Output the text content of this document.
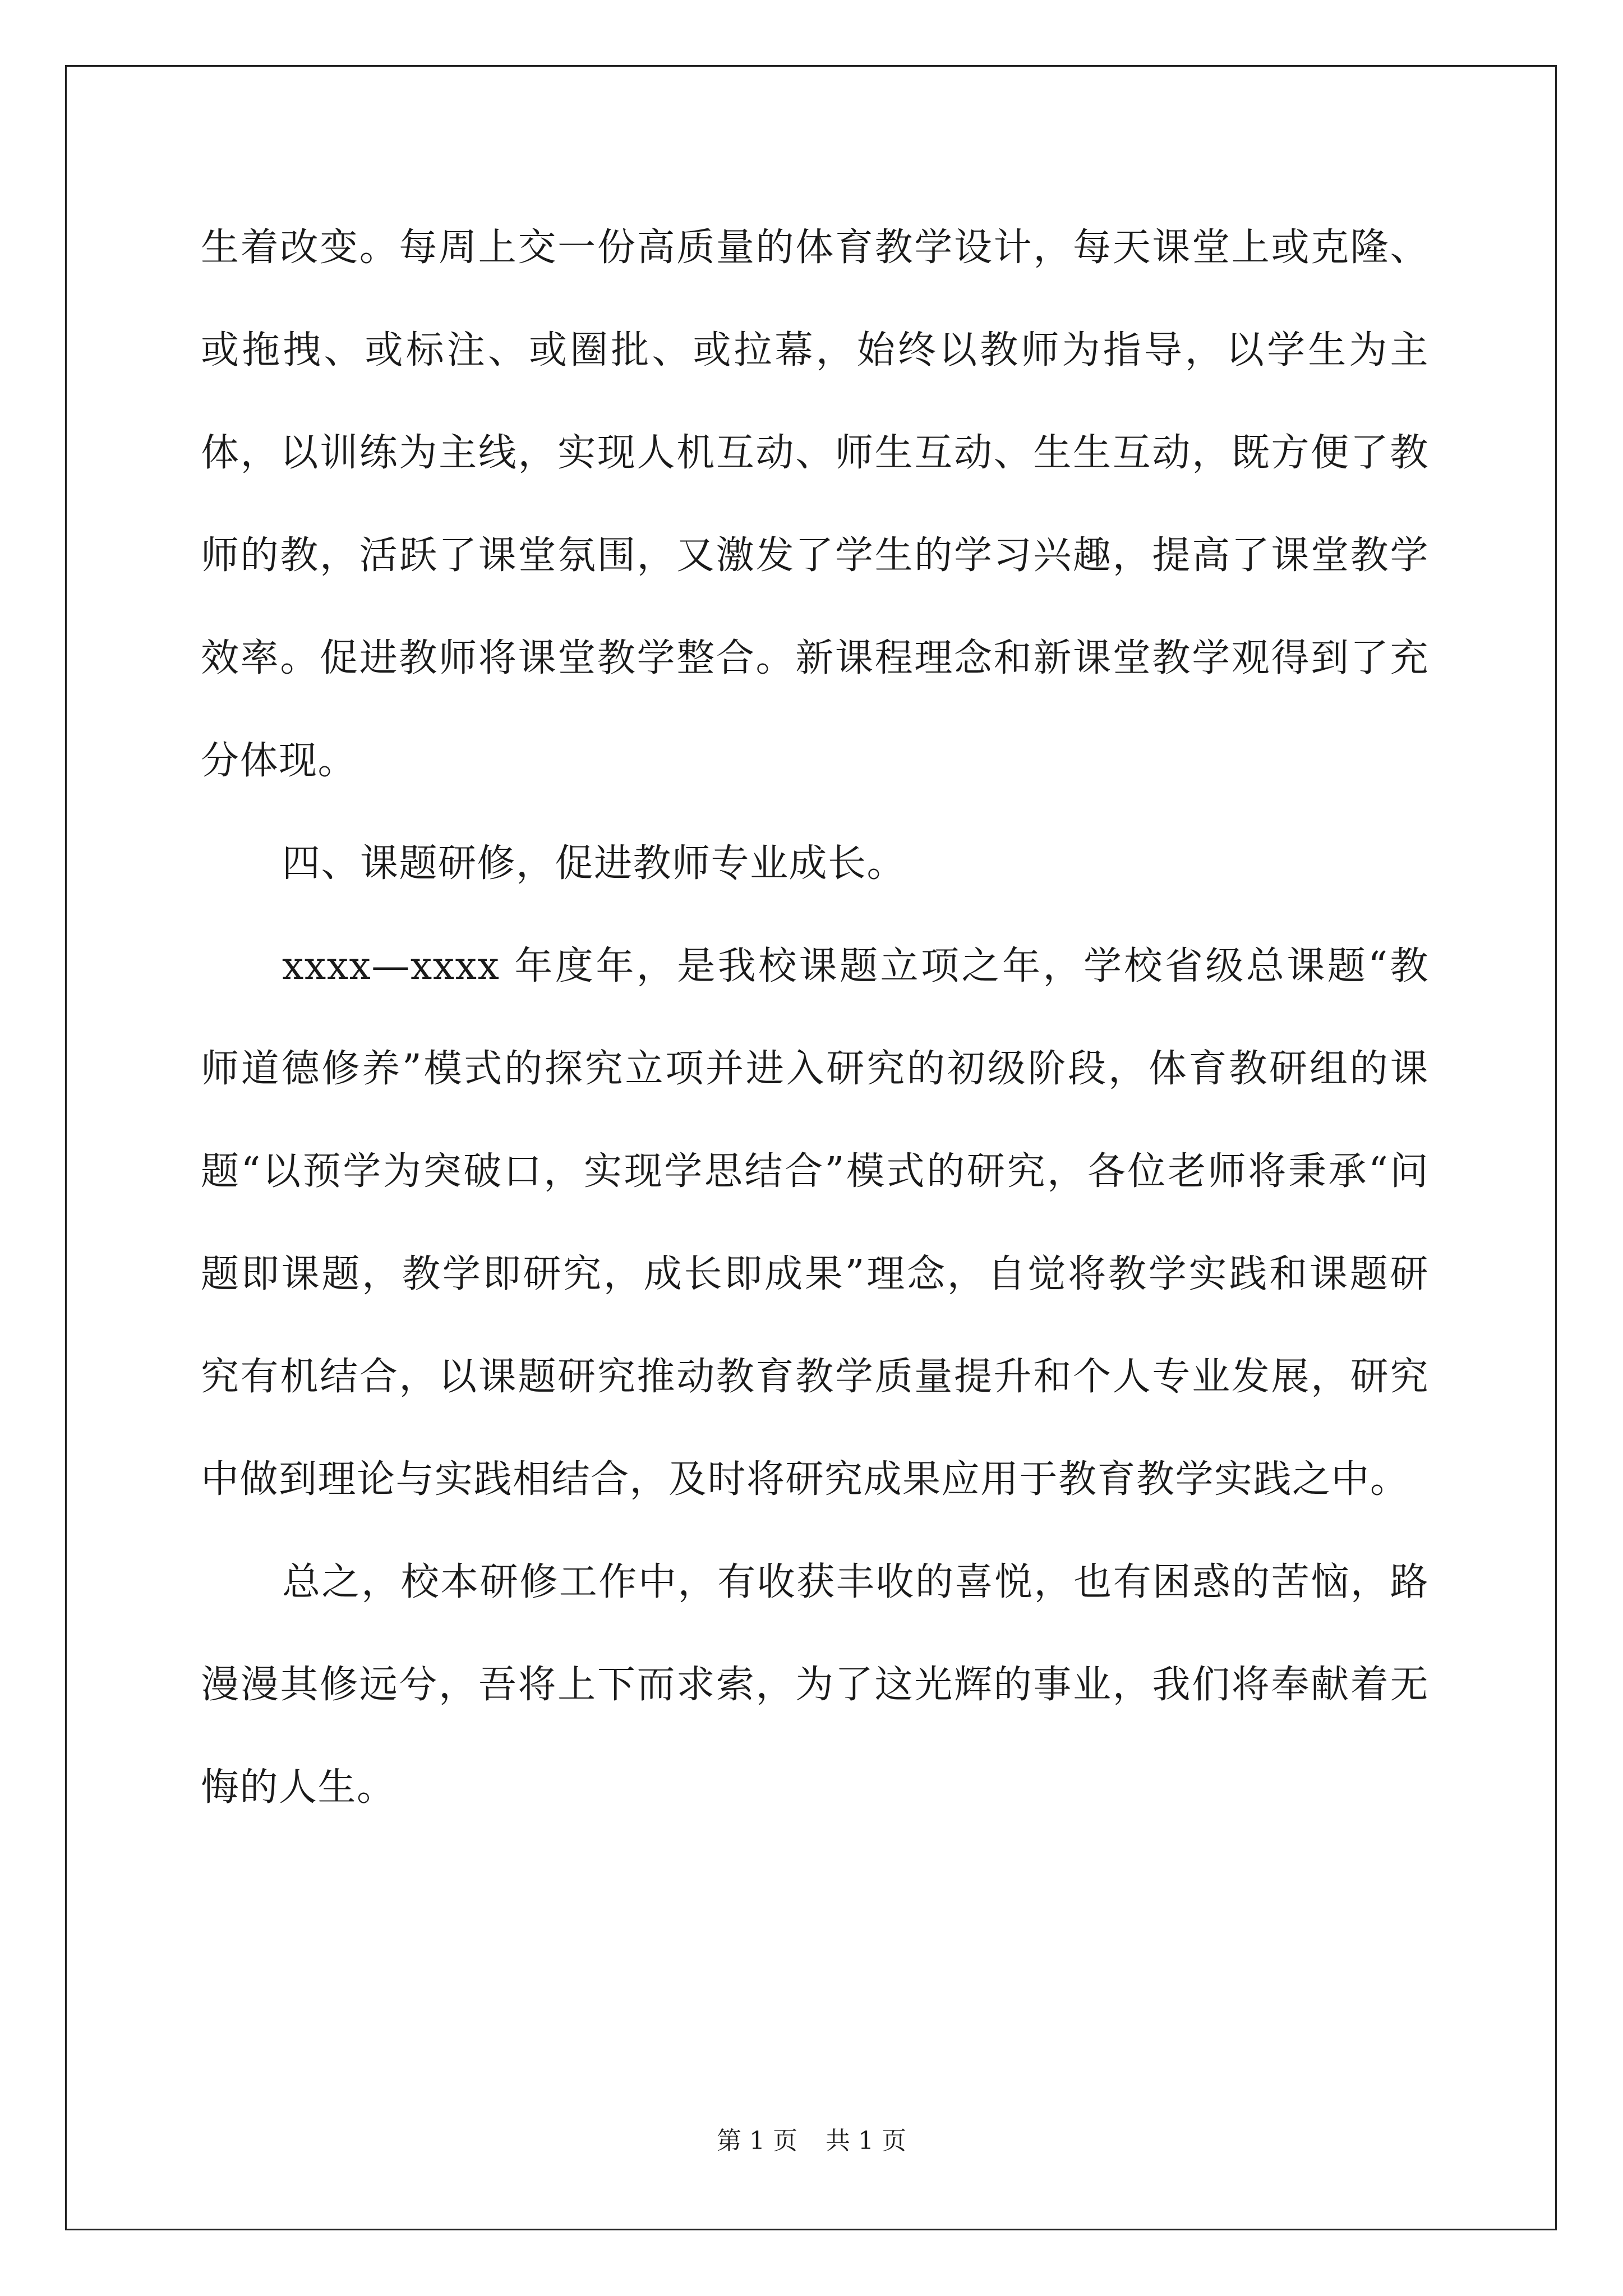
生着改变。每周上交一份高质量的体育教学设计，每天课堂上或克隆、或拖拽、或标注、或圈批、或拉幕，始终以教师为指导，以学生为主体，以训练为主线，实现人机互动、师生互动、生生互动，既方便了教师的教，活跃了课堂氛围，又激发了学生的学习兴趣，提高了课堂教学效率。促进教师将课堂教学整合。新课程理念和新课堂教学观得到了充分体现。

四、课题研修，促进教师专业成长。

xxxx—xxxx 年度年，是我校课题立项之年，学校省级总课题“教师道德修养”模式的探究立项并进入研究的初级阶段，体育教研组的课题“以预学为突破口，实现学思结合”模式的研究，各位老师将秉承“问题即课题，教学即研究，成长即成果”理念，自觉将教学实践和课题研究有机结合，以课题研究推动教育教学质量提升和个人专业发展，研究中做到理论与实践相结合，及时将研究成果应用于教育教学实践之中。

总之，校本研修工作中，有收获丰收的喜悦，也有困惑的苦恼，路漫漫其修远兮，吾将上下而求索，为了这光辉的事业，我们将奉献着无悔的人生。

第 1 页 共 1 页
